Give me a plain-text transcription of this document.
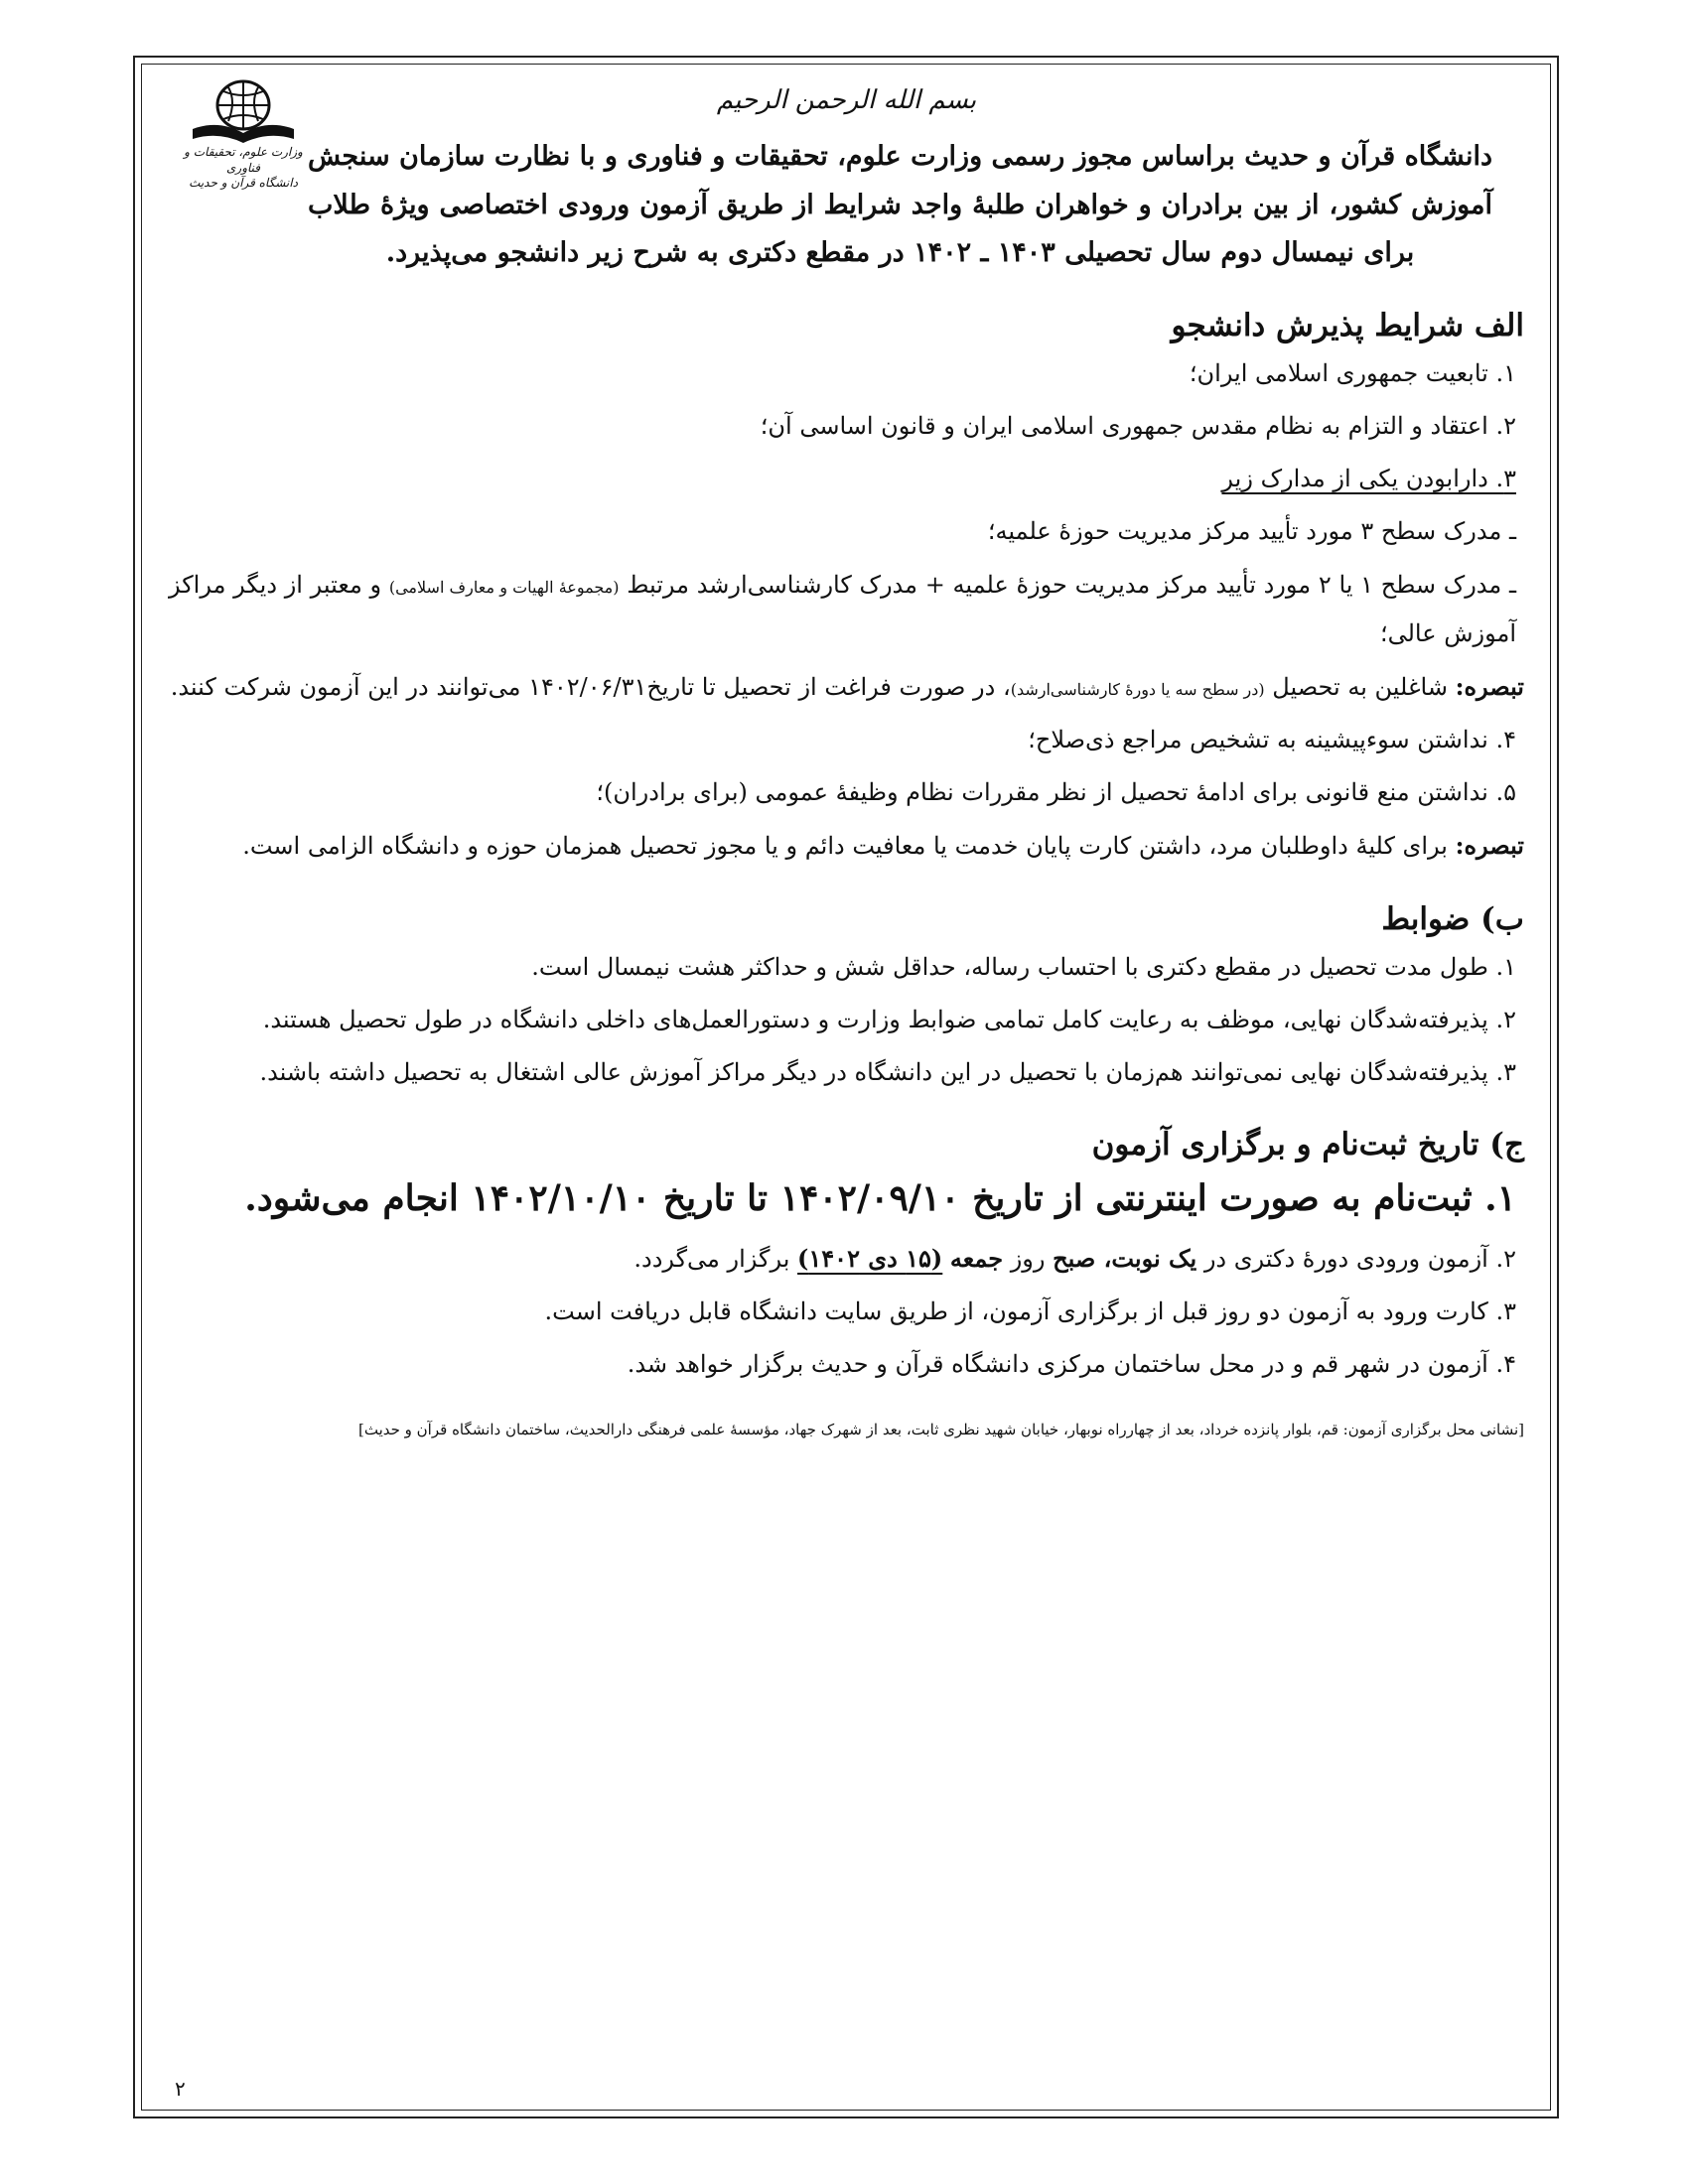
وزارت علوم، تحقیقات و فناوری
دانشگاه قرآن و حدیث
بسم الله الرحمن الرحیم
دانشگاه قرآن و حدیث براساس مجوز رسمی وزارت علوم، تحقیقات و فناوری و با نظارت سازمان سنجش آموزش کشور، از بین برادران و خواهران طلبهٔ واجد شرایط از طریق آزمون ورودی اختصاصی ویژهٔ طلاب برای نیمسال دوم سال تحصیلی ۱۴۰۳ ـ ۱۴۰۲ در مقطع دکتری به شرح زیر دانشجو می‌پذیرد.
الف شرایط پذیرش دانشجو
۱. تابعیت جمهوری اسلامی ایران؛
۲. اعتقاد و التزام به نظام مقدس جمهوری اسلامی ایران و قانون اساسی آن؛
۳. دارابودن یکی از مدارک زیر
ـ مدرک سطح ۳ مورد تأیید مرکز مدیریت حوزهٔ علمیه؛
ـ مدرک سطح ۱ یا ۲ مورد تأیید مرکز مدیریت حوزهٔ علمیه + مدرک کارشناسی‌ارشد مرتبط (مجموعهٔ الهیات و معارف اسلامی) و معتبر از دیگر مراکز آموزش عالی؛
تبصره: شاغلین به تحصیل (در سطح سه یا دورهٔ کارشناسی‌ارشد)، در صورت فراغت از تحصیل تا تاریخ۱۴۰۲/۰۶/۳۱ می‌توانند در این آزمون شرکت کنند.
۴. نداشتن سوءپیشینه به تشخیص مراجع ذی‌صلاح؛
۵. نداشتن منع قانونی برای ادامهٔ تحصیل از نظر مقررات نظام وظیفهٔ عمومی (برای برادران)؛
تبصره: برای کلیهٔ داوطلبان مرد، داشتن کارت پایان خدمت یا معافیت دائم و یا مجوز تحصیل همزمان حوزه و دانشگاه الزامی است.
ب) ضوابط
۱. طول مدت تحصیل در مقطع دکتری با احتساب رساله، حداقل شش و حداکثر هشت نیمسال است.
۲. پذیرفته‌شدگان نهایی، موظف به رعایت کامل تمامی ضوابط وزارت و دستورالعمل‌های داخلی دانشگاه در طول تحصیل هستند.
۳. پذیرفته‌شدگان نهایی نمی‌توانند هم‌زمان با تحصیل در این دانشگاه در دیگر مراکز آموزش عالی اشتغال به تحصیل داشته باشند.
ج) تاریخ ثبت‌نام و برگزاری آزمون
۱. ثبت‌نام به صورت اینترنتی از تاریخ ۱۴۰۲/۰۹/۱۰ تا تاریخ ۱۴۰۲/۱۰/۱۰ انجام می‌شود.
۲. آزمون ورودی دورهٔ دکتری در یک نوبت، صبح روز جمعه (۱۵ دی ۱۴۰۲) برگزار می‌گردد.
۳. کارت ورود به آزمون دو روز قبل از برگزاری آزمون، از طریق سایت دانشگاه قابل دریافت است.
۴. آزمون در شهر قم و در محل ساختمان مرکزی دانشگاه قرآن و حدیث برگزار خواهد شد.
[نشانی محل برگزاری آزمون: قم، بلوار پانزده خرداد، بعد از چهارراه نوبهار، خیابان شهید نظری ثابت، بعد از شهرک جهاد، مؤسسهٔ علمی فرهنگی دارالحدیث، ساختمان دانشگاه قرآن و حدیث]
۲
